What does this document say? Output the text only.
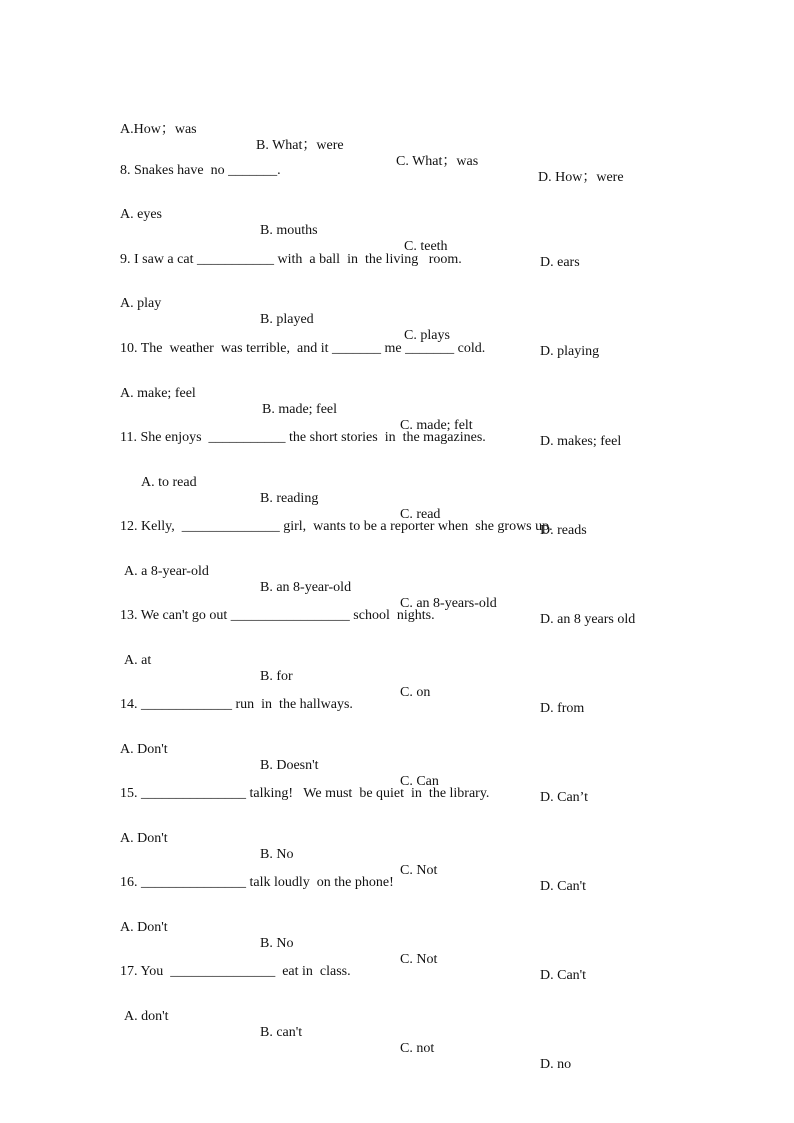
A.How；was

B. What；were

C. What；was

D. How；were

8. Snakes have  no _______.

A. eyes

B. mouths

C. teeth

D. ears

9. I saw a cat ___________ with  a ball  in  the living   room.

A. play

B. played

C. plays

D. playing

10. The  weather  was terrible,  and it _______ me _______ cold.

A. make; feel

B. made; feel

C. made; felt

D. makes; feel

11. She enjoys  ___________ the short stories  in  the magazines.

A. to read

B. reading

C. read

D. reads

12. Kelly,  ______________ girl,  wants to be a reporter when  she grows up.

A. a 8-year-old

B. an 8-year-old

C. an 8-years-old

D. an 8 years old

13. We can't go out _________________ school  nights.

A. at

B. for

C. on

D. from

14. _____________ run  in  the hallways.

A. Don't

B. Doesn't

C. Can

D. Can’t

15. _______________ talking!   We must  be quiet  in  the library.

A. Don't

B. No

C. Not

D. Can't

16. _______________ talk loudly  on the phone!

A. Don't

B. No

C. Not

D. Can't

17. You  _______________  eat in  class.

A. don't

B. can't

C. not

D. no
